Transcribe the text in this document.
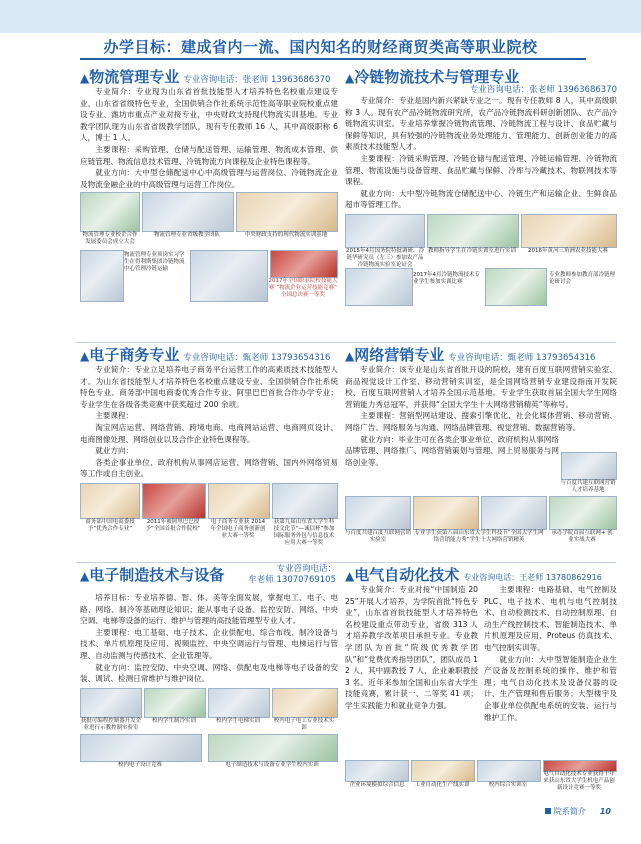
办学目标：建成省内一流、国内知名的财经商贸类高等职业院校
▲物流管理专业 专业咨询电话：张老师 13963686370

专业简介：专业现为山东省首批技能型人才培养特色名校重点建设专业，山东省省级特色专业，全国供销合作社系统示范性高等职业院校重点建设专业、潍坊市重点产业对接专业，中央财政支持现代物流实训基地。专业教学团队现为山东省省级教学团队，现有专任教师 16 人，其中高级职称 6 人，博士 1 人。

主要课程：采购管理、仓储与配送管理、运输管理、物流成本管理、供应链管理、物流信息技术管理、冷链物流方向课程及企业特色课程等。

就业方向：大中型仓储配送中心中高级管理与运营岗位、冷链物流企业及物流金融企业的中高级管理与运营工作岗位。

物流管理专业校企合作发展委员会成立大会
物流管理专业省级教学团队	中央财政支持的现代物流实训基地
物流管理专业顶岗实习学生在得利斯集团冷链物流中心管理冷链运输
2017年全国职业院校技能大赛 “物流企业运营技能竞赛” 全国总决赛一等奖
▲冷链物流技术与管理专业
专业咨询电话：张老师 13963686370

专业简介：专业是国内新兴紧缺专业之一。现有专任教师 8 人，其中高级职称 3 人。现有农产品冷链物流研究所，农产品冷链物流科研创新团队、农产品冷链物流实训室。专业培养掌握冷链物流管理、冷链物流工程与设计、食品贮藏与保鲜等知识，具有较强的冷链物流业务处理能力、管理能力、创新创业能力的高素质技术技能型人才。

主要课程：冷链采购管理、冷链仓储与配送管理、冷链运输管理、冷链物流管理、物流设施与设备管理、食品贮藏与保鲜、冷库与冷藏技术、物联网技术等课程。

就业方向：大中型冷链物流仓储配送中心、冷链生产和运输企业、生鲜食品超市等管理工作。

2015年4月国务院特批调研、冷链华研究员（左三）参加农产品冷链物流实验室论证会
教师指导学生在冷链实训室进行实训	2016年黄河三角洲农业技能大赛
2017年4月冷链物流技术专业学生参加实训比赛
专业教师参加教育部冷链理论研讨会
▲电子商务专业 专业咨询电话：甄老师 13793654316

专业简介：专业立足培养电子商务平台运营工作的高素质技术技能型人才。为山东省技能型人才培养特色名校重点建设专业、全国供销合作社系统特色专业、商务部中国电商委优秀合作专业、阿里巴巴首批合作办学专业；专业学生在各级各类竞赛中获奖超过 200 余项。

主要课程：

淘宝网店运营、网络营销、跨境电商、电商网站运营、电商网页设计、电商图像处理、网络创业以及合作企业特色课程等。

就业方向：

各类企事业单位、政府机构从事网店运营、网络营销、国内外网络贸易等工作或自主创业。

商务部中国电商委授予“优秀合作专业”
2011年被阿里巴巴授予“全国首批合作院校”
电子商务专业获 2014 年全国电子商务创新创业大赛一等奖
获第九届山东省大学生科技文化节“—诚信杯”参加国际服务外包与信息技术应用大赛一等奖
▲网络营销专业 专业咨询电话：甄老师 13793654316

专业简介：该专业是山东省首批开设的院校，建有百度互联网营销实验室、商品视觉设计工作室、移动营销实训室，是全国网络营销专业建设指南开发院校、百度互联网营销人才培养全国示范基地。专业学生获取首届全国大学生网络营销能力秀总冠军，并获得“全国大学生十大网络营销精英”等称号。

主要课程：营销型网站建设、搜索引擎优化、社会化媒体营销、移动营销、网络广告、网络服务与沟通、网络品牌管理、视觉营销、数据营销等。

就业方向：毕业生可在各类企事业单位、政府机构从事网络品牌管理、网络推广、网络营销策划与管理、网上贸易服务与网络创业等。

与百度共建互联网营销人才培养基地
与百度共建百度互联网营销实验室
专业学生获第八届山东省大学生科技节“全国大学生网络营销能力秀”学生十大网络营销精英
承办学院首届互联网+ 创业实战大赛
▲电子制造技术与设备	专业咨询电话：
牟老师 13070769105

培养目标：专业培养德、智、体、美等全面发展，掌握电工、电子、电路、网络、制冷等基础理论知识；能从事电子设备、监控安防、网络、中央空调、电梯等设备的运行、维护与管理的高技能管理型专业人才。

主要课程：电工基础、电子技术、企业供配电、综合布线、制冷设备与技术、单片机原理及应用、视频监控、中央空调运行与管理、电梯运行与管理、自动监测与传感技术、企业管理等。

就业方向：监控安防、中央空调、网络、供配电及电梯等电子设备的安装、调试、检测日常维护与维护岗位。

获批可编程控制器开发企业进行示教控制实验室
校内学生制冷实训	校内学生电梯实训	校内电子电工专业技术实训
校内电子设计竞赛	电子制造技术与设备专业学生校内实训
▲电气自动化技术 专业咨询电话：王老师 13780862916

专业简介：专业对接“中国制造 2025”开展人才培养，为学院首批“特色专业”，山东省首批技能型人才培养特色名校建设重点带动专业，省级 313 人才培养教学改革项目承担专业。专业教学团队为首批“院级优秀教学团队”和“党费优秀指导团队”，团队成员 12 人，其中副教授 7 人，企业兼职教授 3 名。近年来参加全国和山东省大学生技能竞赛，累计获一、二等奖 41 项；学生实践能力和就业竞争力强。

主要课程：电路基础、电气控制及 PLC、电子技术、电机与电气控制技术、自动检测技术、自动控制原理、自动生产线控制技术、智能制造技术、单片机原理及应用、Proteus 仿真技术、电气控制实训等。

就业方向：大中型智能制造企业生产设备及控制系统的操作、维护和管理；电气自动化技术及设备仪器的设计、生产管理和售后服务；大型楼宇及企事业单位供配电系统的安装、运行与维护工作。

企业环境模拟综合信息	工业自动化生产线实训	校内综合实训室
电气自动化技术专业获得十年来获山东省大学生机电产品创新设计竞赛一等奖
院系简介 10
